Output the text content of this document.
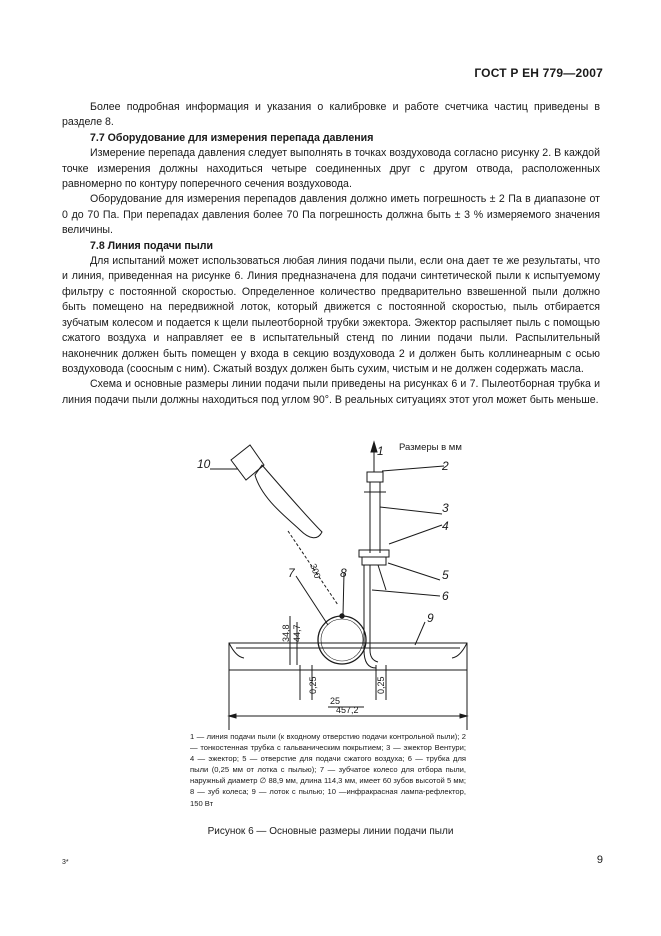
ГОСТ Р ЕН 779—2007

Более подробная информация и указания о калибровке и работе счетчика частиц приведены в разделе 8.

7.7 Оборудование для измерения перепада давления

Измерение перепада давления следует выполнять в точках воздуховода согласно рисунку 2. В каждой точке измерения должны находиться четыре соединенных друг с другом отвода, расположенных равномерно по контуру поперечного сечения воздуховода.

Оборудование для измерения перепадов давления должно иметь погрешность ± 2 Па в диапазоне от 0 до 70 Па. При перепадах давления более 70 Па погрешность должна быть ± 3 % измеряемого значения величины.

7.8 Линия подачи пыли

Для испытаний может использоваться любая линия подачи пыли, если она дает те же результаты, что и линия, приведенная на рисунке 6. Линия предназначена для подачи синтетической пыли к испытуемому фильтру с постоянной скоростью. Определенное количество предварительно взвешенной пыли должно быть помещено на передвижной лоток, который движется с постоянной скоростью, пыль отбирается зубчатым колесом и подается к щели пылеотборной трубки эжектора. Эжектор распыляет пыль с помощью сжатого воздуха и направляет ее в испытательный стенд по линии подачи пыли. Распылительный наконечник должен быть помещен у входа в секцию воздуховода 2 и должен быть коллинеарным с осью воздуховода (соосным с ним). Сжатый воздух должен быть сухим, чистым и не должен содержать масла.

Схема и основные размеры линии подачи пыли приведены на рисунках 6 и 7. Пылеотборная трубка и линия подачи пыли должны находиться под углом 90°. В реальных ситуациях этот угол может быть меньше.

Размеры в мм
1
2
3
4
5
6
7	8
9
10
300
44,7
34,8
0,25	0,25
25
457,2
1 — линия подачи пыли (к входному отверстию подачи контрольной пыли); 2 — тонкостенная трубка с гальваническим покрытием; 3 — эжектор Вентури; 4 — эжектор; 5 — отверстие для подачи сжатого воздуха; 6 — трубка для пыли (0,25 мм от лотка с пылью); 7 — зубчатое колесо для отбора пыли, наружный диаметр ∅ 88,9 мм, длина 114,3 мм, имеет 60 зубов высотой 5 мм; 8 — зуб колеса; 9 — лоток с пылью; 10 —инфракрасная лампа-рефлектор, 150 Вт
Рисунок 6 — Основные размеры линии подачи пыли
3*	9
